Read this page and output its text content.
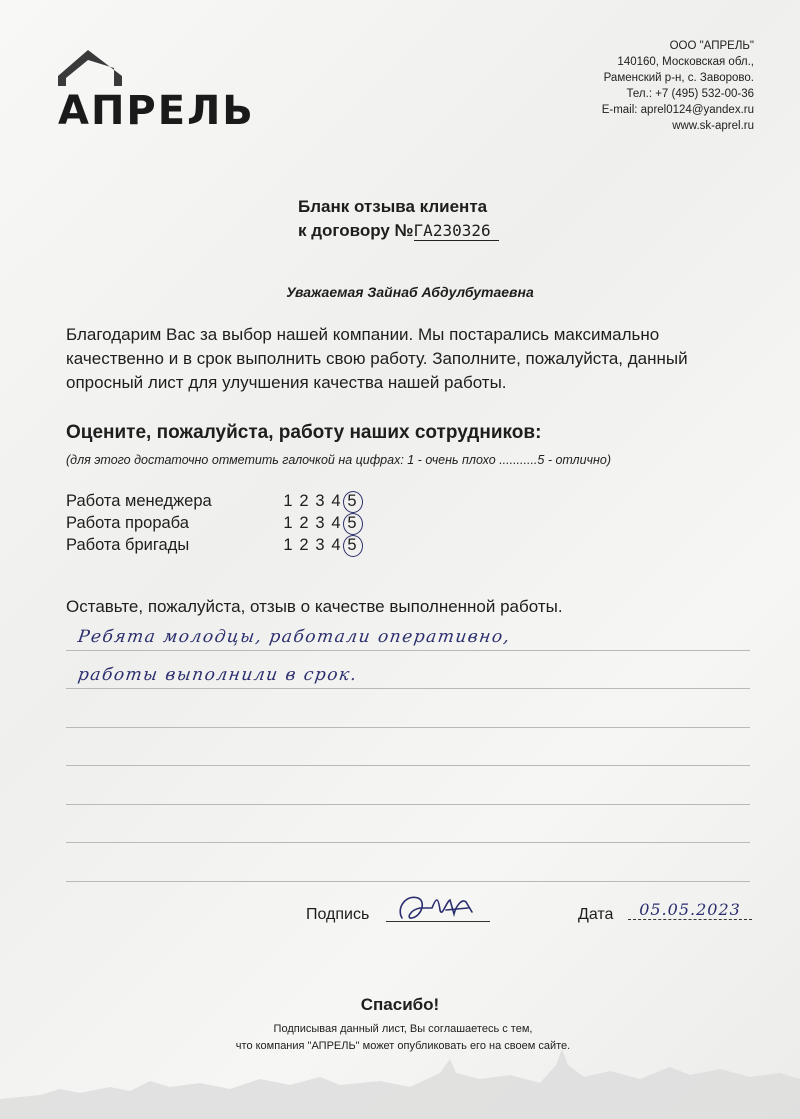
АПРЕЛЬ
ООО "АПРЕЛЬ"
140160, Московская обл.,
Раменский р-н, с. Заворово.
Тел.: +7 (495) 532-00-36
E-mail: aprel0124@yandex.ru
www.sk-aprel.ru
Бланк отзыва клиента
к договору №ГА230326
Уважаемая Зайнаб Абдулбутаевна
Благодарим Вас за выбор нашей компании. Мы постарались максимально качественно и в срок выполнить свою работу. Заполните, пожалуйста, данный опросный лист для улучшения качества нашей работы.
Оцените, пожалуйста, работу наших сотрудников:
(для этого достаточно отметить галочкой на цифрах: 1 - очень плохо ...........5 - отлично)
Работа менеджера	1 2 3 4 5
Работа прораба	1 2 3 4 5
Работа бригады	1 2 3 4 5
Оставьте, пожалуйста, отзыв о качестве выполненной работы.
Ребята молодцы, работали оперативно,
работы выполнили в срок.
Подпись	Дата	05.05.2023
Спасибо!
Подписывая данный лист, Вы соглашаетесь с тем,
что компания "АПРЕЛЬ" может опубликовать его на своем сайте.
